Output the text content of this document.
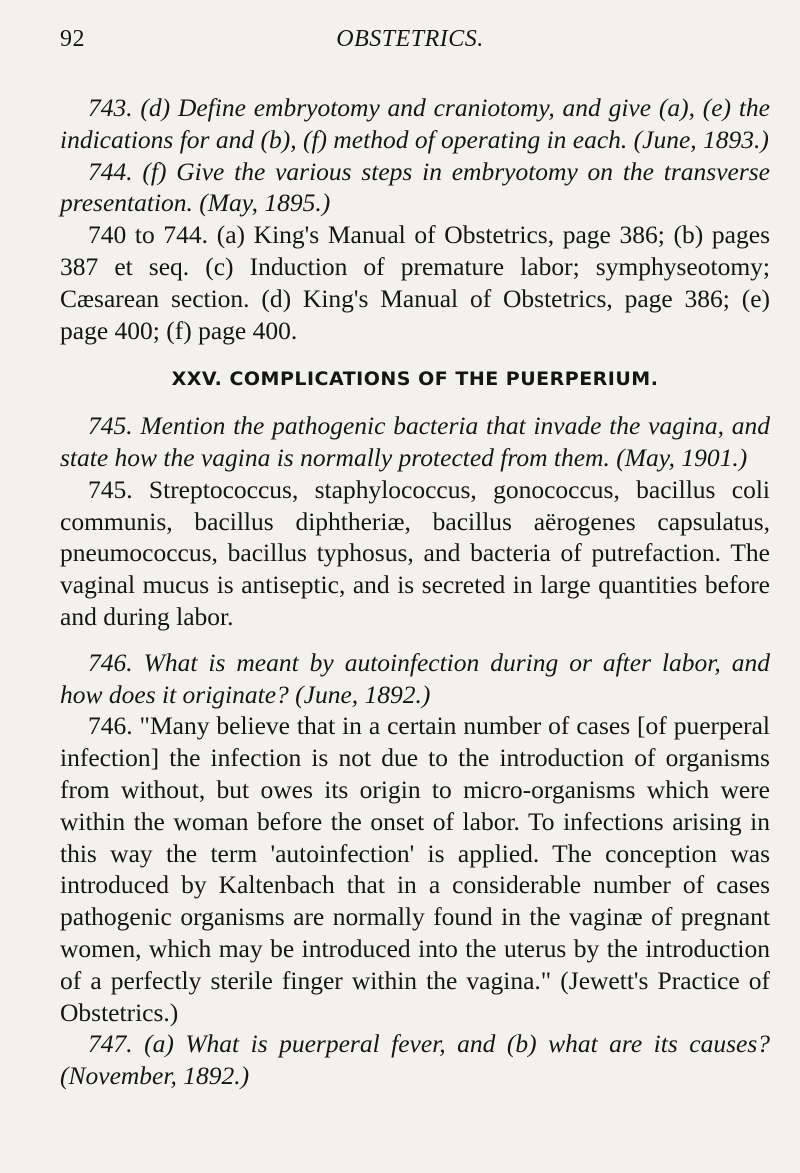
92	OBSTETRICS.

743. (d) Define embryotomy and craniotomy, and give (a), (e) the indications for and (b), (f) method of operating in each. (June, 1893.)

744. (f) Give the various steps in embryotomy on the transverse presentation. (May, 1895.)

740 to 744. (a) King's Manual of Obstetrics, page 386; (b) pages 387 et seq. (c) Induction of premature labor; symphyseotomy; Cæsarean section. (d) King's Manual of Obstetrics, page 386; (e) page 400; (f) page 400.

XXV. COMPLICATIONS OF THE PUERPERIUM.

745. Mention the pathogenic bacteria that invade the vagina, and state how the vagina is normally protected from them. (May, 1901.)

745. Streptococcus, staphylococcus, gonococcus, bacillus coli communis, bacillus diphtheriæ, bacillus aërogenes capsulatus, pneumococcus, bacillus typhosus, and bacteria of putrefaction. The vaginal mucus is antiseptic, and is secreted in large quantities before and during labor.

746. What is meant by autoinfection during or after labor, and how does it originate? (June, 1892.)

746. "Many believe that in a certain number of cases [of puerperal infection] the infection is not due to the introduction of organisms from without, but owes its origin to micro-organisms which were within the woman before the onset of labor. To infections arising in this way the term 'autoinfection' is applied. The conception was introduced by Kaltenbach that in a considerable number of cases pathogenic organisms are normally found in the vaginæ of pregnant women, which may be introduced into the uterus by the introduction of a perfectly sterile finger within the vagina." (Jewett's Practice of Obstetrics.)

747. (a) What is puerperal fever, and (b) what are its causes? (November, 1892.)
